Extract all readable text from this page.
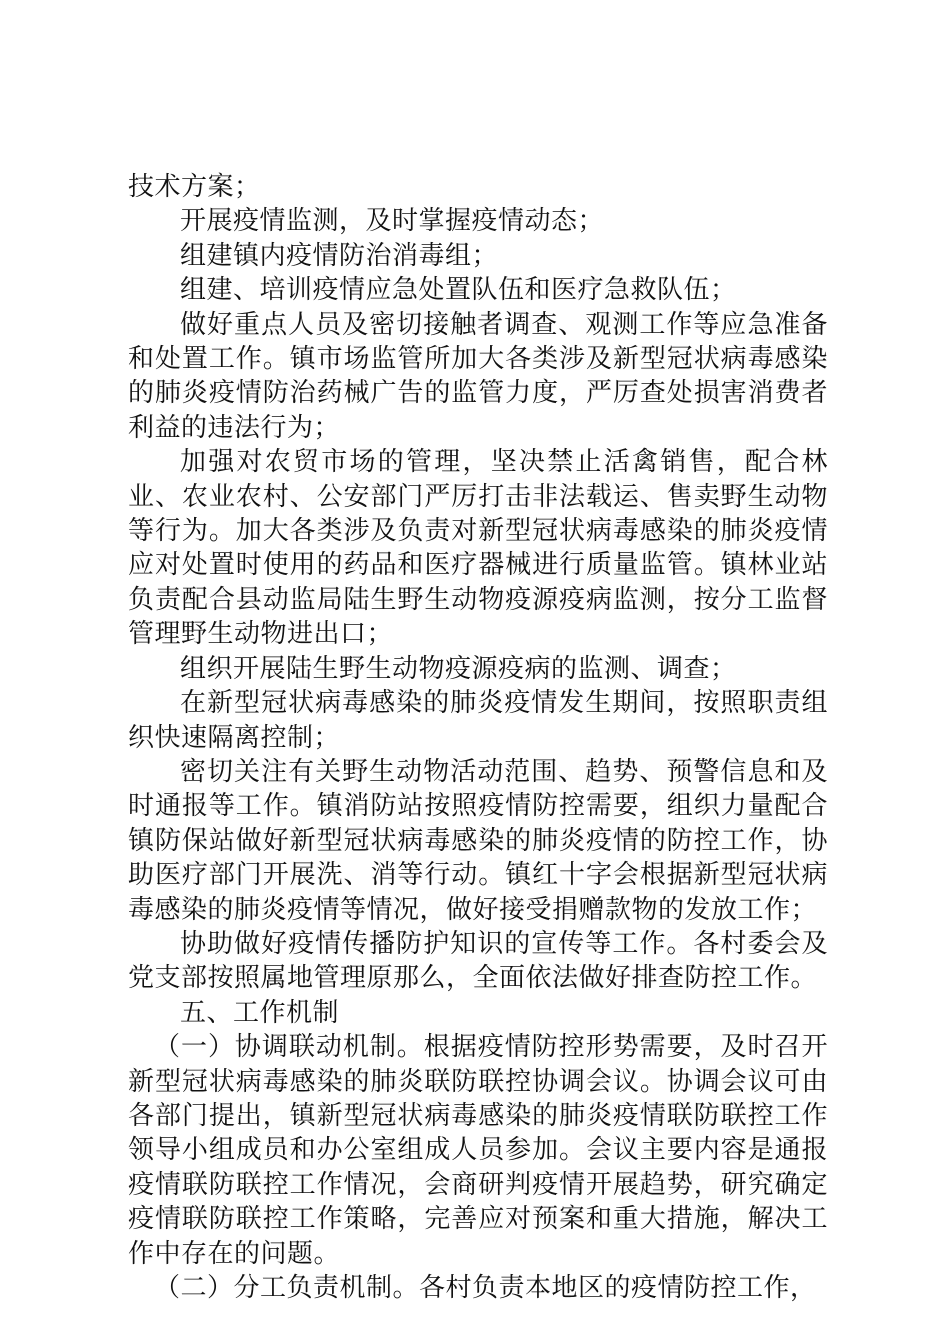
技术方案；

开展疫情监测，及时掌握疫情动态；

组建镇内疫情防治消毒组；

组建、培训疫情应急处置队伍和医疗急救队伍；

做好重点人员及密切接触者调查、观测工作等应急准备和处置工作。镇市场监管所加大各类涉及新型冠状病毒感染的肺炎疫情防治药械广告的监管力度，严厉查处损害消费者利益的违法行为；

加强对农贸市场的管理，坚决禁止活禽销售，配合林业、农业农村、公安部门严厉打击非法载运、售卖野生动物等行为。加大各类涉及负责对新型冠状病毒感染的肺炎疫情应对处置时使用的药品和医疗器械进行质量监管。镇林业站负责配合县动监局陆生野生动物疫源疫病监测，按分工监督管理野生动物进出口；

组织开展陆生野生动物疫源疫病的监测、调查；

在新型冠状病毒感染的肺炎疫情发生期间，按照职责组织快速隔离控制；

密切关注有关野生动物活动范围、趋势、预警信息和及时通报等工作。镇消防站按照疫情防控需要，组织力量配合镇防保站做好新型冠状病毒感染的肺炎疫情的防控工作，协助医疗部门开展洗、消等行动。镇红十字会根据新型冠状病毒感染的肺炎疫情等情况，做好接受捐赠款物的发放工作；

协助做好疫情传播防护知识的宣传等工作。各村委会及党支部按照属地管理原那么，全面依法做好排查防控工作。

五、工作机制

（一）协调联动机制。根据疫情防控形势需要，及时召开新型冠状病毒感染的肺炎联防联控协调会议。协调会议可由各部门提出，镇新型冠状病毒感染的肺炎疫情联防联控工作领导小组成员和办公室组成人员参加。会议主要内容是通报疫情联防联控工作情况，会商研判疫情开展趋势，研究确定疫情联防联控工作策略，完善应对预案和重大措施，解决工作中存在的问题。

（二）分工负责机制。各村负责本地区的疫情防控工作，
